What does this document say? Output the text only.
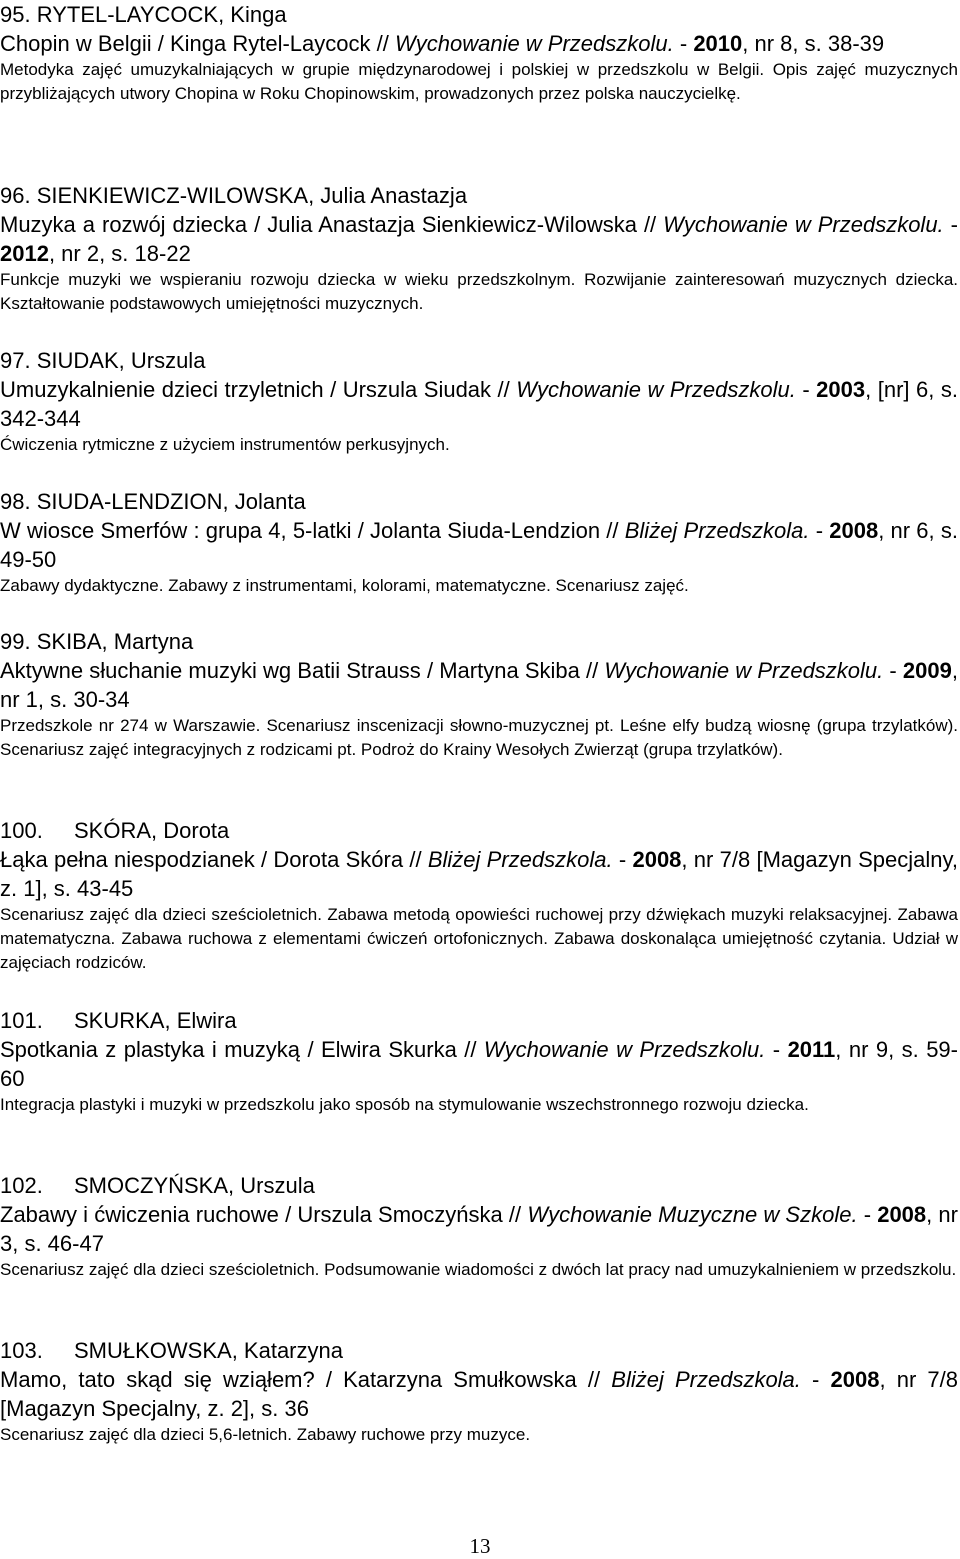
95. RYTEL-LAYCOCK, Kinga
Chopin w Belgii / Kinga Rytel-Laycock // Wychowanie w Przedszkolu. - 2010, nr 8, s. 38-39
Metodyka zajęć umuzykalniających w grupie międzynarodowej i polskiej w przedszkolu w Belgii. Opis zajęć muzycznych przybliżających utwory Chopina w Roku Chopinowskim, prowadzonych przez polska nauczycielkę.
96. SIENKIEWICZ-WILOWSKA, Julia Anastazja
Muzyka a rozwój dziecka / Julia Anastazja Sienkiewicz-Wilowska // Wychowanie w Przedszkolu. - 2012, nr 2, s. 18-22
Funkcje muzyki we wspieraniu rozwoju dziecka w wieku przedszkolnym. Rozwijanie zainteresowań muzycznych dziecka. Kształtowanie podstawowych umiejętności muzycznych.
97. SIUDAK, Urszula
Umuzykalnienie dzieci trzyletnich / Urszula Siudak // Wychowanie w Przedszkolu. - 2003, [nr] 6, s. 342-344
Ćwiczenia rytmiczne z użyciem instrumentów perkusyjnych.
98. SIUDA-LENDZION, Jolanta
W wiosce Smerfów : grupa 4, 5-latki / Jolanta Siuda-Lendzion // Bliżej Przedszkola. - 2008, nr 6, s. 49-50
Zabawy dydaktyczne. Zabawy z instrumentami, kolorami, matematyczne. Scenariusz zajęć.
99. SKIBA, Martyna
Aktywne słuchanie muzyki wg Batii Strauss / Martyna Skiba // Wychowanie w Przedszkolu. - 2009, nr 1, s. 30-34
Przedszkole nr 274 w Warszawie. Scenariusz inscenizacji słowno-muzycznej pt. Leśne elfy budzą wiosnę (grupa trzylatków). Scenariusz zajęć integracyjnych z rodzicami pt. Podroż do Krainy Wesołych Zwierząt (grupa trzylatków).
100. SKÓRA, Dorota
Łąka pełna niespodzianek / Dorota Skóra // Bliżej Przedszkola. - 2008, nr 7/8 [Magazyn Specjalny, z. 1], s. 43-45
Scenariusz zajęć dla dzieci sześcioletnich. Zabawa metodą opowieści ruchowej przy dźwiękach muzyki relaksacyjnej. Zabawa matematyczna. Zabawa ruchowa z elementami ćwiczeń ortofonicznych. Zabawa doskonaląca umiejętność czytania. Udział w zajęciach rodziców.
101. SKURKA, Elwira
Spotkania z plastyka i muzyką / Elwira Skurka // Wychowanie w Przedszkolu. - 2011, nr 9, s. 59-60
Integracja plastyki i muzyki w przedszkolu jako sposób na stymulowanie wszechstronnego rozwoju dziecka.
102. SMOCZYŃSKA, Urszula
Zabawy i ćwiczenia ruchowe / Urszula Smoczyńska // Wychowanie Muzyczne w Szkole. - 2008, nr 3, s. 46-47
Scenariusz zajęć dla dzieci sześcioletnich. Podsumowanie wiadomości z dwóch lat pracy nad umuzykalnieniem w przedszkolu.
103. SMUŁKOWSKA, Katarzyna
Mamo, tato skąd się wziąłem? / Katarzyna Smułkowska // Bliżej Przedszkola. - 2008, nr 7/8 [Magazyn Specjalny, z. 2], s. 36
Scenariusz zajęć dla dzieci 5,6-letnich. Zabawy ruchowe przy muzyce.
13
